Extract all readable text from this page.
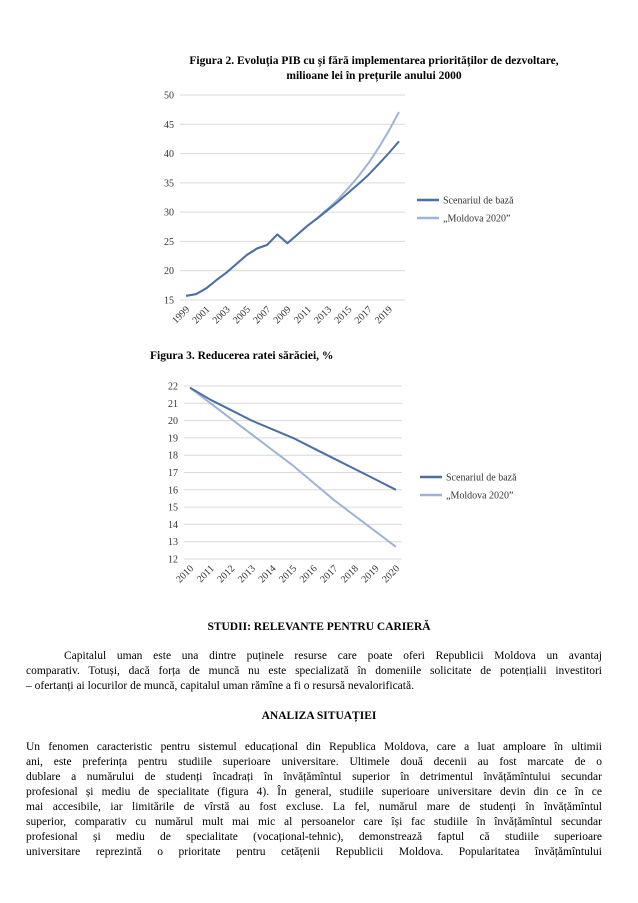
Figura 2. Evoluția PIB cu și fără implementarea priorităților de dezvoltare,
milioane lei în prețurile anului 2000
15
20
25
30
35
40
45
50
1999
2001
2003
2005
2007
2009
2011
2013
2015
2017
2019
Scenariul de bază
„Moldova 2020”
Figura 3. Reducerea ratei sărăciei, %
12
13
14
15
16
17
18
19
20
21
22
2010
2011
2012
2013
2014
2015
2016
2017
2018
2019
2020
Scenariul de bază
„Moldova 2020”
STUDII: RELEVANTE PENTRU CARIERĂ
Capitalul uman este una dintre puținele resurse care poate oferi Republicii Moldova un avantaj
comparativ. Totuși, dacă forța de muncă nu este specializată în domeniile solicitate de potențialii investitori
– ofertanți ai locurilor de muncă, capitalul uman rămîne a fi o resursă nevalorificată.
ANALIZA SITUAȚIEI
Un fenomen caracteristic pentru sistemul educațional din Republica Moldova, care a luat amploare în ultimii
ani, este preferința pentru studiile superioare universitare. Ultimele două decenii au fost marcate de o
dublare a numărului de studenți încadrați în învățămîntul superior în detrimentul învățămîntului secundar
profesional și mediu de specialitate (figura 4). În general, studiile superioare universitare devin din ce în ce
mai accesibile, iar limitările de vîrstă au fost excluse. La fel, numărul mare de studenți în învățămîntul
superior, comparativ cu numărul mult mai mic al persoanelor care își fac studiile în învățămîntul secundar
profesional și mediu de specialitate (vocațional-tehnic), demonstrează faptul că studiile superioare
universitare reprezintă o prioritate pentru cetățenii Republicii Moldova. Popularitatea învățămîntului
